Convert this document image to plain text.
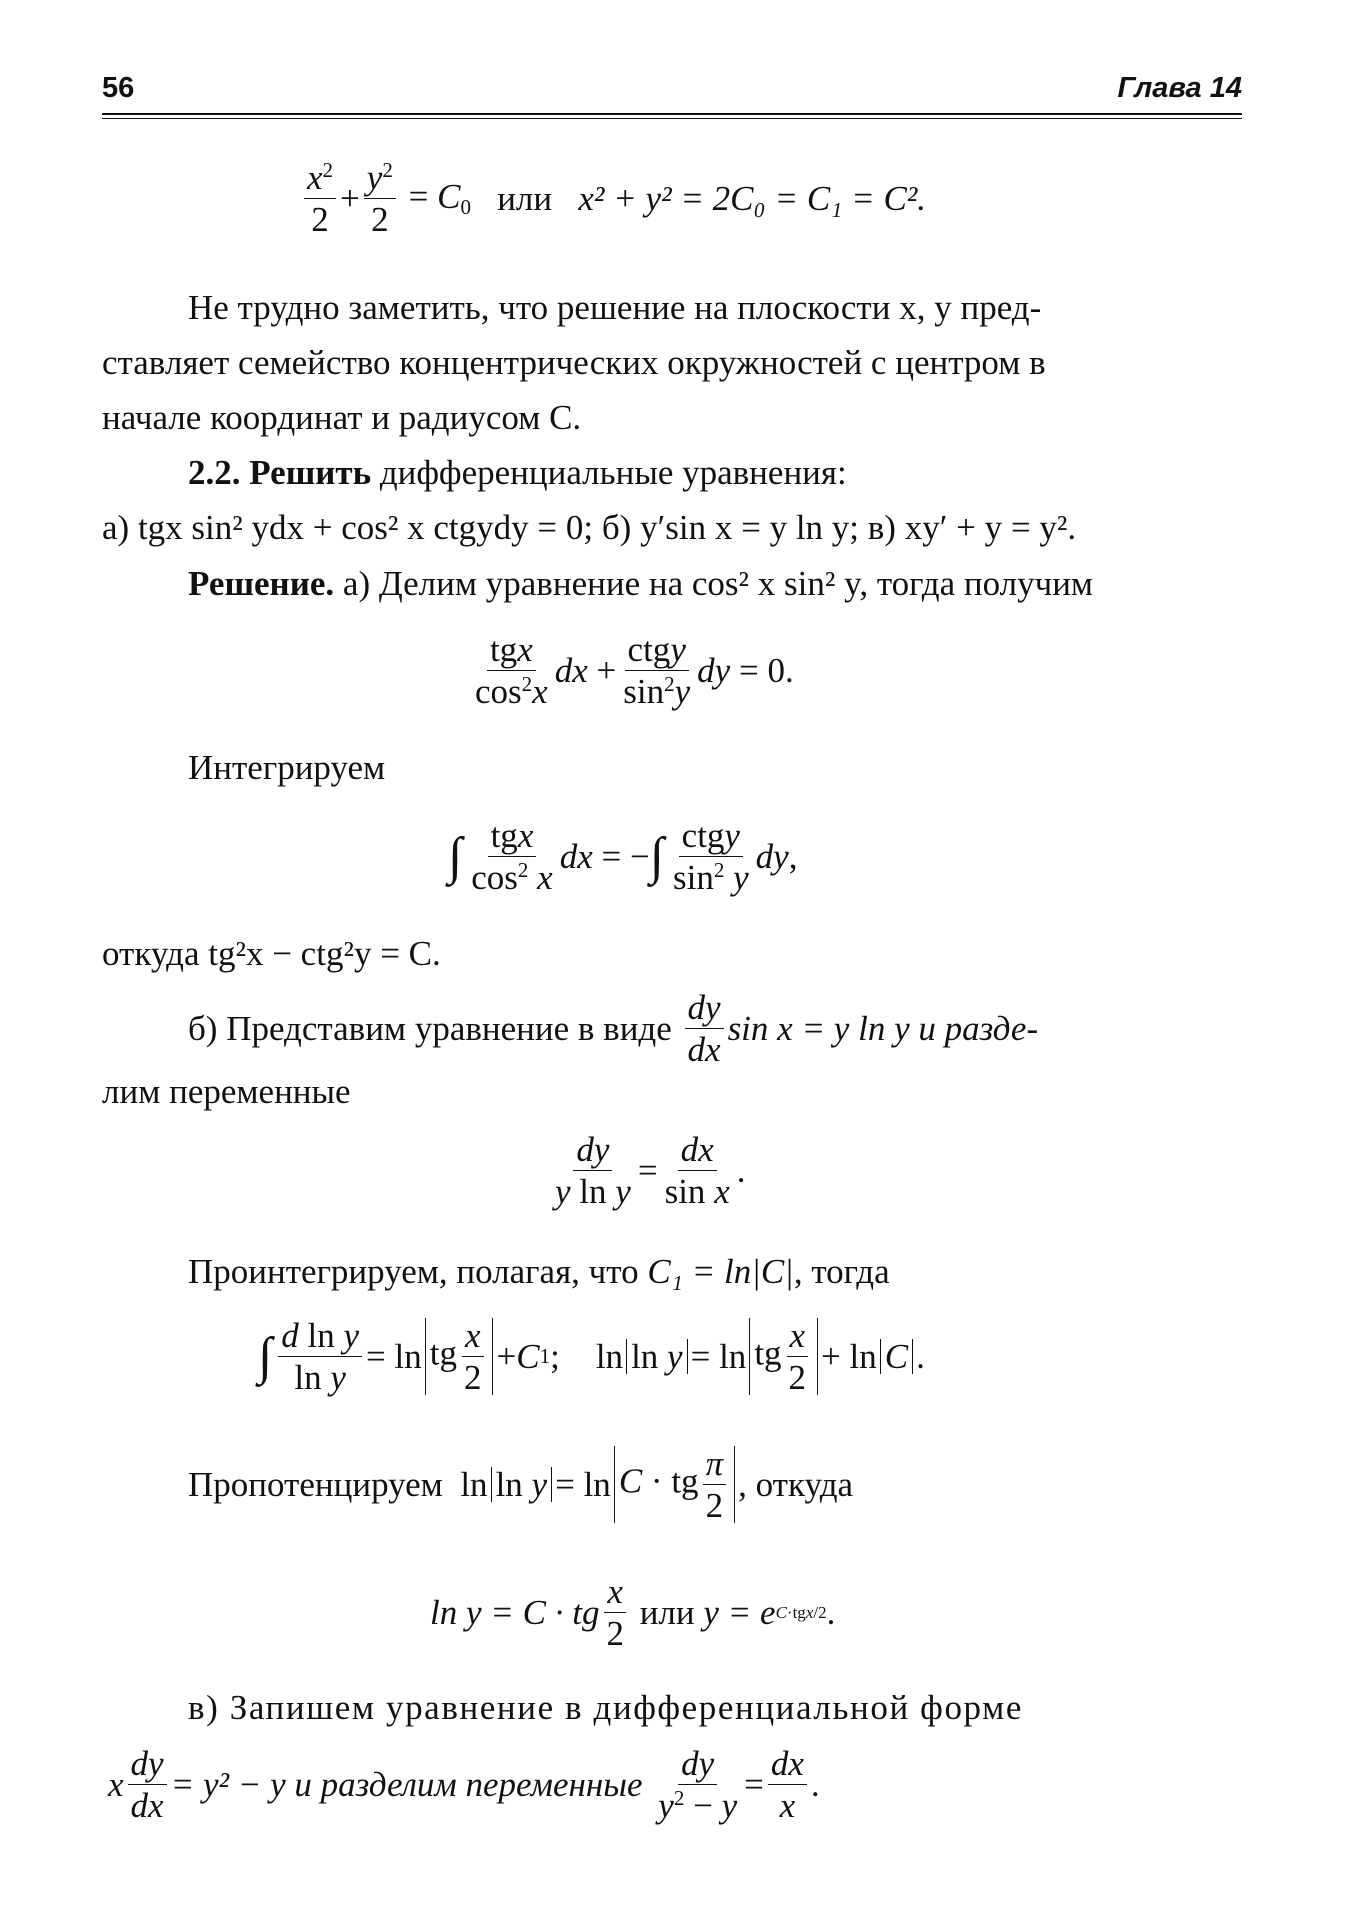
56	Глава 14
$\frac{x^2}{2} + \frac{y^2}{2} = C_0$ или
x² + y² = 2C₀ = C₁ = C².
Не трудно заметить, что решение на плоскости x, y пред-
ставляет семейство концентрических окружностей с центром в
начале координат и радиусом C.
2.2. Решить дифференциальные уравнения:
а) tgx sin² ydx + cos² x ctgydy = 0; б) y′sin x = y ln y; в) xy′ + y = y².
Решение. а) Делим уравнение на cos² x sin² y, тогда получим
$\frac{\text{tgx}}{\cos^2x}$ dx + $\frac{\text{ctgy}}{\sin^2y}$ dy = 0.
Интегрируем
∫ $\frac{\text{tgx}}{\cos^2 x}$ dx = − ∫ $\frac{\text{ctgy}}{\sin^2 y}$ dy ,
откуда tg²x − ctg²y = C.
б) Представим уравнение в виде
$\frac{dy}{dx}$ sin x = y ln y и разде-
лим переменные
$\frac{dy}{\text{y ln y}} = \frac{dx}{\text{sin x}}$ .
Проинтегрируем, полагая, что C₁ = ln|C|, тогда
∫ $\frac{\text{d ln y}}{\text{ln y}} = \ln$ tg $\frac{x}{2} + C$ 1 ;
ln ln y = ln tg $\frac{x}{2} + \ln C$ .
Пропотенцируем ln ln y = ln C · tg $\frac{\pi}{2}$ , откуда
ln y = C · tg $\frac{x}{2}$
или
y = e C·tgx/2 .
в) Запишем уравнение в дифференциальной форме
x $\frac{dy}{dx} = y^2 - y$ и разделим переменные
$\frac{dy}{y^2 - y} = \frac{dx}{x}$ .
